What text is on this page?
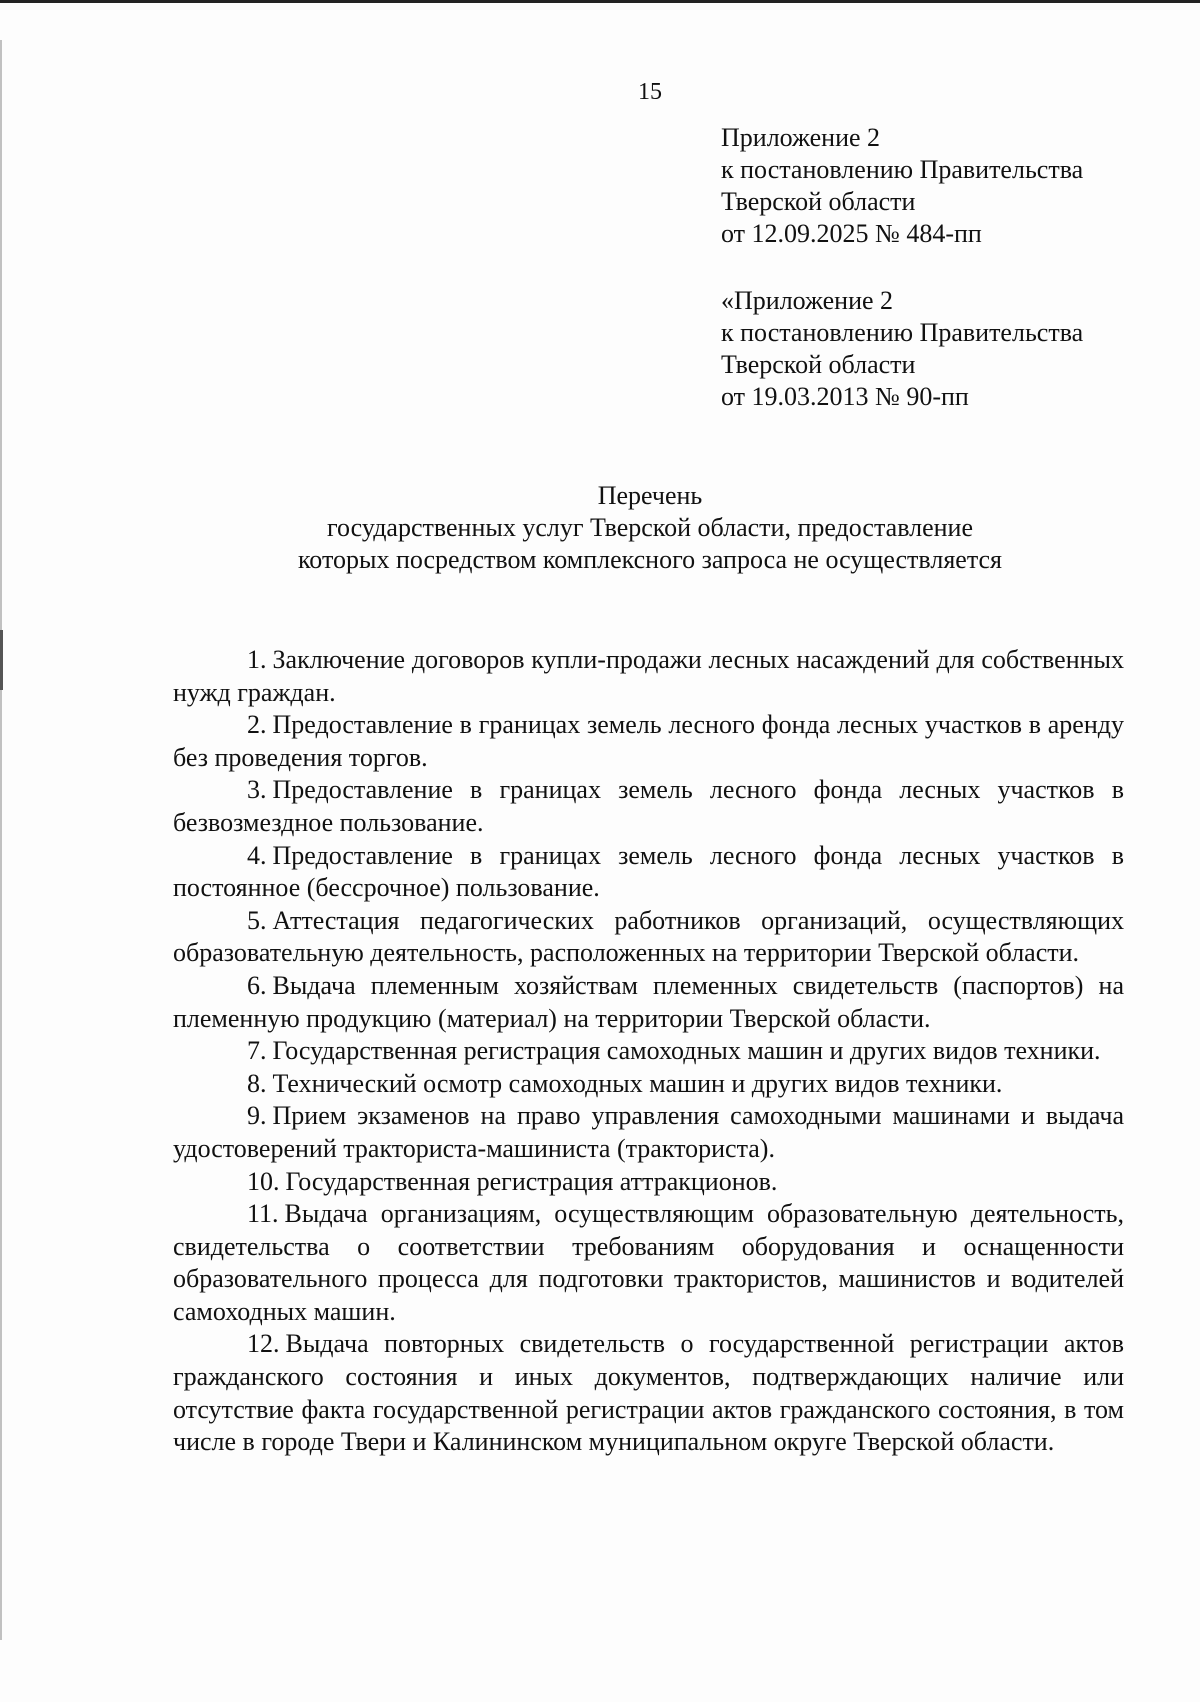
15
Приложение 2
к постановлению Правительства
Тверской области
от 12.09.2025 № 484-пп
«Приложение 2
к постановлению Правительства
Тверской области
от 19.03.2013 № 90-пп
Перечень
государственных услуг Тверской области, предоставление
которых посредством комплексного запроса не осуществляется

1. Заключение договоров купли-продажи лесных насаждений для собственных нужд граждан.

2. Предоставление в границах земель лесного фонда лесных участков в аренду без проведения торгов.

3. Предоставление в границах земель лесного фонда лесных участков в безвозмездное пользование.

4. Предоставление в границах земель лесного фонда лесных участков в постоянное (бессрочное) пользование.

5. Аттестация педагогических работников организаций, осуществляющих образовательную деятельность, расположенных на территории Тверской области.

6. Выдача племенным хозяйствам племенных свидетельств (паспортов) на племенную продукцию (материал) на территории Тверской области.

7. Государственная регистрация самоходных машин и других видов техники.

8. Технический осмотр самоходных машин и других видов техники.

9. Прием экзаменов на право управления самоходными машинами и выдача удостоверений тракториста-машиниста (тракториста).

10. Государственная регистрация аттракционов.

11. Выдача организациям, осуществляющим образовательную деятельность, свидетельства о соответствии требованиям оборудования и оснащенности образовательного процесса для подготовки трактористов, машинистов и водителей самоходных машин.

12. Выдача повторных свидетельств о государственной регистрации актов гражданского состояния и иных документов, подтверждающих наличие или отсутствие факта государственной регистрации актов гражданского состояния, в том числе в городе Твери и Калининском муниципальном округе Тверской области.
